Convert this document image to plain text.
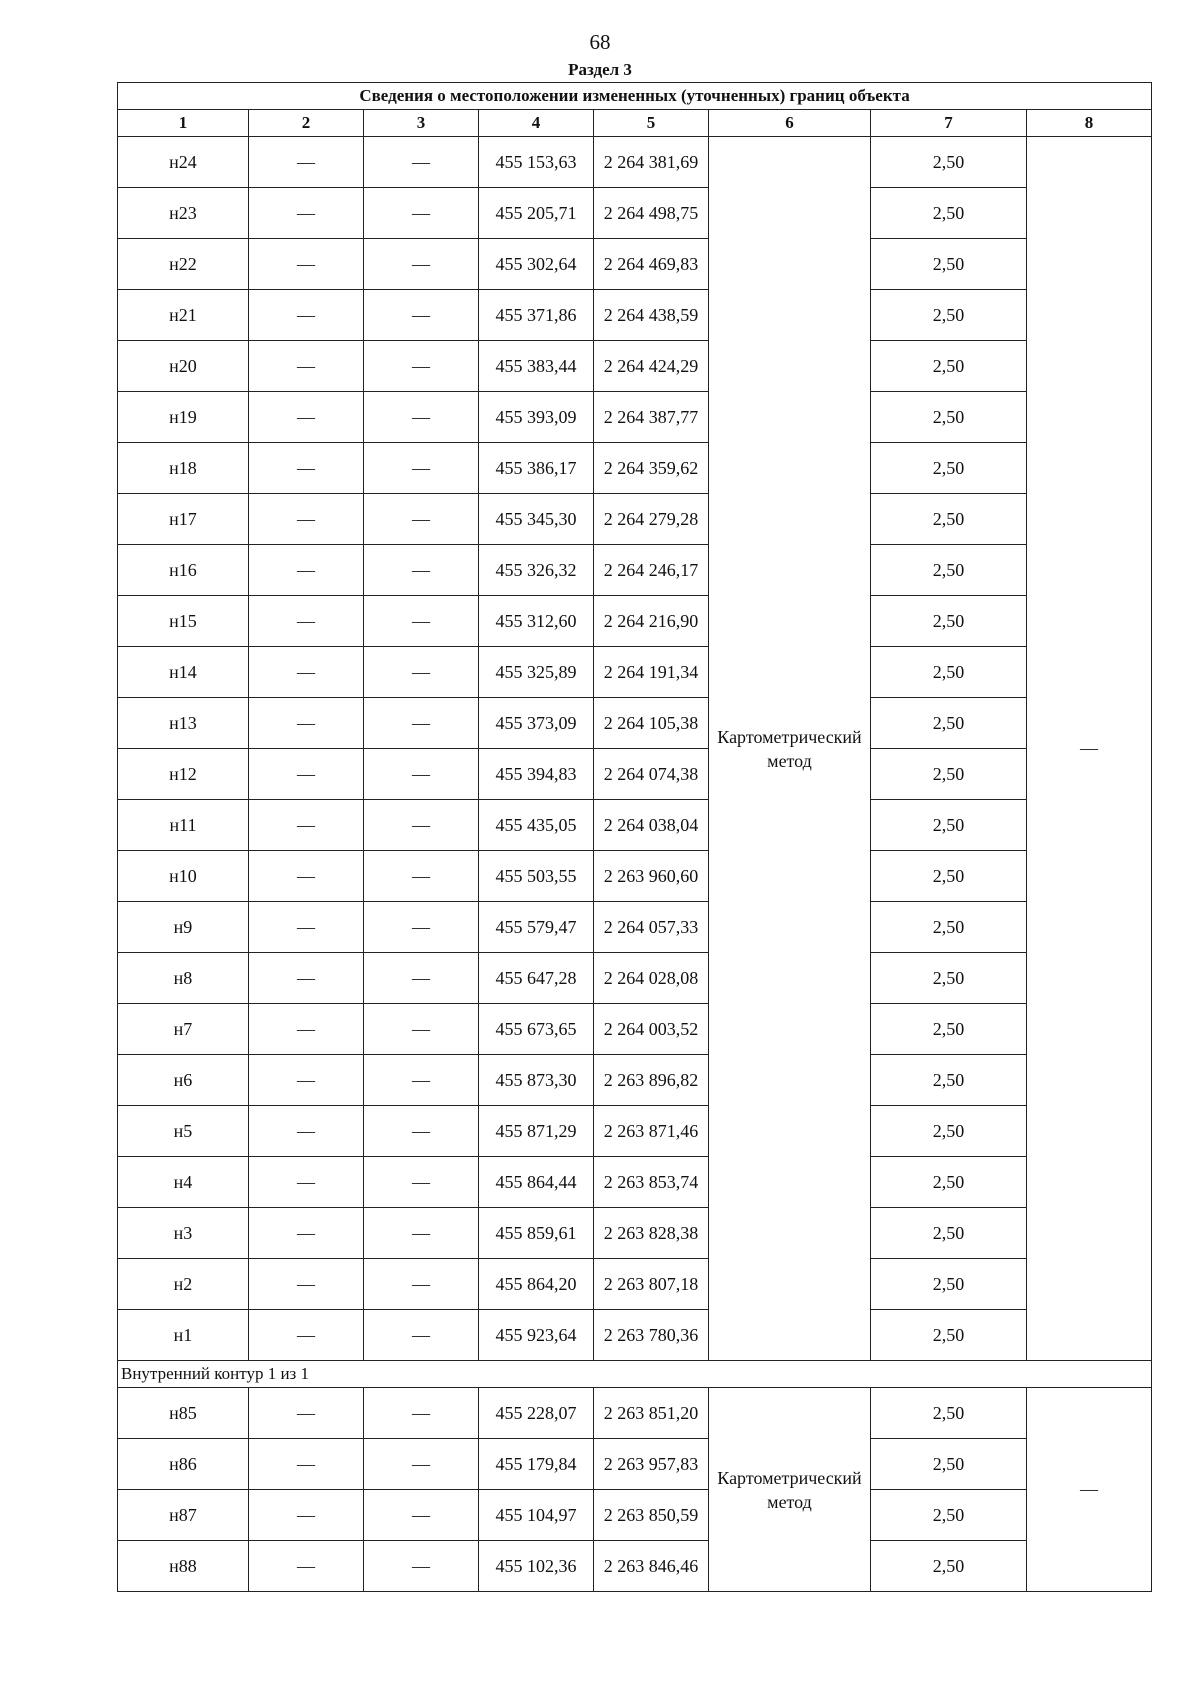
68
Раздел 3
Сведения о местоположении измененных (уточненных) границ объекта							
1	2	3	4	5	6	7	8
н24	—	—	455 153,63	2 264 381,69	Картометрический метод	2,50	—
н23	—	—	455 205,71	2 264 498,75		2,50	
н22	—	—	455 302,64	2 264 469,83		2,50	
н21	—	—	455 371,86	2 264 438,59		2,50	
н20	—	—	455 383,44	2 264 424,29		2,50	
н19	—	—	455 393,09	2 264 387,77		2,50	
н18	—	—	455 386,17	2 264 359,62		2,50	
н17	—	—	455 345,30	2 264 279,28		2,50	
н16	—	—	455 326,32	2 264 246,17		2,50	
н15	—	—	455 312,60	2 264 216,90		2,50	
н14	—	—	455 325,89	2 264 191,34		2,50	
н13	—	—	455 373,09	2 264 105,38		2,50	
н12	—	—	455 394,83	2 264 074,38		2,50	
н11	—	—	455 435,05	2 264 038,04		2,50	
н10	—	—	455 503,55	2 263 960,60		2,50	
н9	—	—	455 579,47	2 264 057,33		2,50	
н8	—	—	455 647,28	2 264 028,08		2,50	
н7	—	—	455 673,65	2 264 003,52		2,50	
н6	—	—	455 873,30	2 263 896,82		2,50	
н5	—	—	455 871,29	2 263 871,46		2,50	
н4	—	—	455 864,44	2 263 853,74		2,50	
н3	—	—	455 859,61	2 263 828,38		2,50	
н2	—	—	455 864,20	2 263 807,18		2,50	
н1	—	—	455 923,64	2 263 780,36		2,50	
Внутренний контур 1 из 1							
н85	—	—	455 228,07	2 263 851,20	Картометрический метод	2,50	—
н86	—	—	455 179,84	2 263 957,83		2,50	
н87	—	—	455 104,97	2 263 850,59		2,50	
н88	—	—	455 102,36	2 263 846,46		2,50	
